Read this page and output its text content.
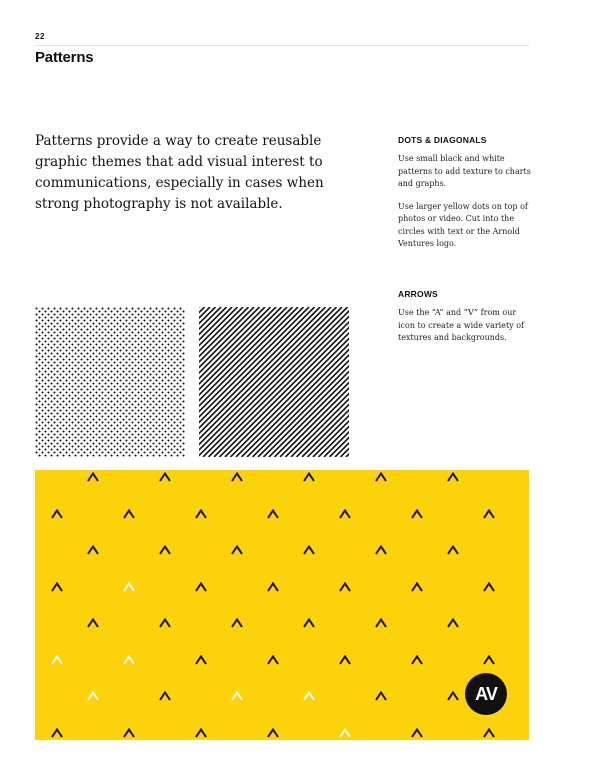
22
Patterns

Patterns provide a way to create reusable graphic themes that add visual interest to communications, especially in cases when strong photography is not available.

DOTS & DIAGONALS

Use small black and white patterns to add texture to charts and graphs.

Use larger yellow dots on top of photos or video. Cut into the circles with text or the Arnold Ventures logo.

ARROWS

Use the “A” and “V” from our icon to create a wide variety of textures and backgrounds.

AV
